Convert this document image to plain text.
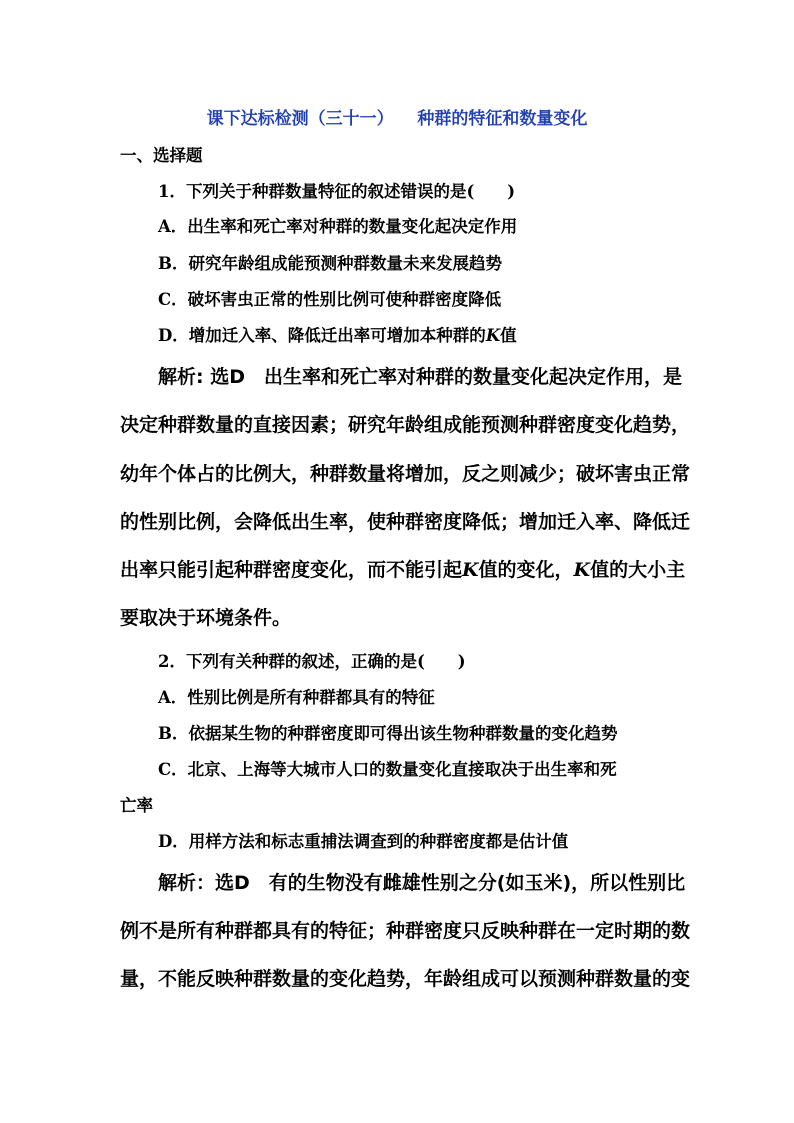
课下达标检测（三十一）    种群的特征和数量变化
一、选择题
1．下列关于种群数量特征的叙述错误的是(　　)
A．出生率和死亡率对种群的数量变化起决定作用
B．研究年龄组成能预测种群数量未来发展趋势
C．破坏害虫正常的性别比例可使种群密度降低
D．增加迁入率、降低迁出率可增加本种群的K值
解析: 选D　出生率和死亡率对种群的数量变化起决定作用，是
决定种群数量的直接因素；研究年龄组成能预测种群密度变化趋势，
幼年个体占的比例大，种群数量将增加，反之则减少；破坏害虫正常
的性别比例，会降低出生率，使种群密度降低；增加迁入率、降低迁
出率只能引起种群密度变化，而不能引起K值的变化，K值的大小主
要取决于环境条件。
2．下列有关种群的叙述，正确的是(　　)
A．性别比例是所有种群都具有的特征
B．依据某生物的种群密度即可得出该生物种群数量的变化趋势
C．北京、上海等大城市人口的数量变化直接取决于出生率和死
亡率
D．用样方法和标志重捕法调查到的种群密度都是估计值
解析：选D　有的生物没有雌雄性别之分(如玉米)，所以性别比
例不是所有种群都具有的特征；种群密度只反映种群在一定时期的数
量，不能反映种群数量的变化趋势，年龄组成可以预测种群数量的变
